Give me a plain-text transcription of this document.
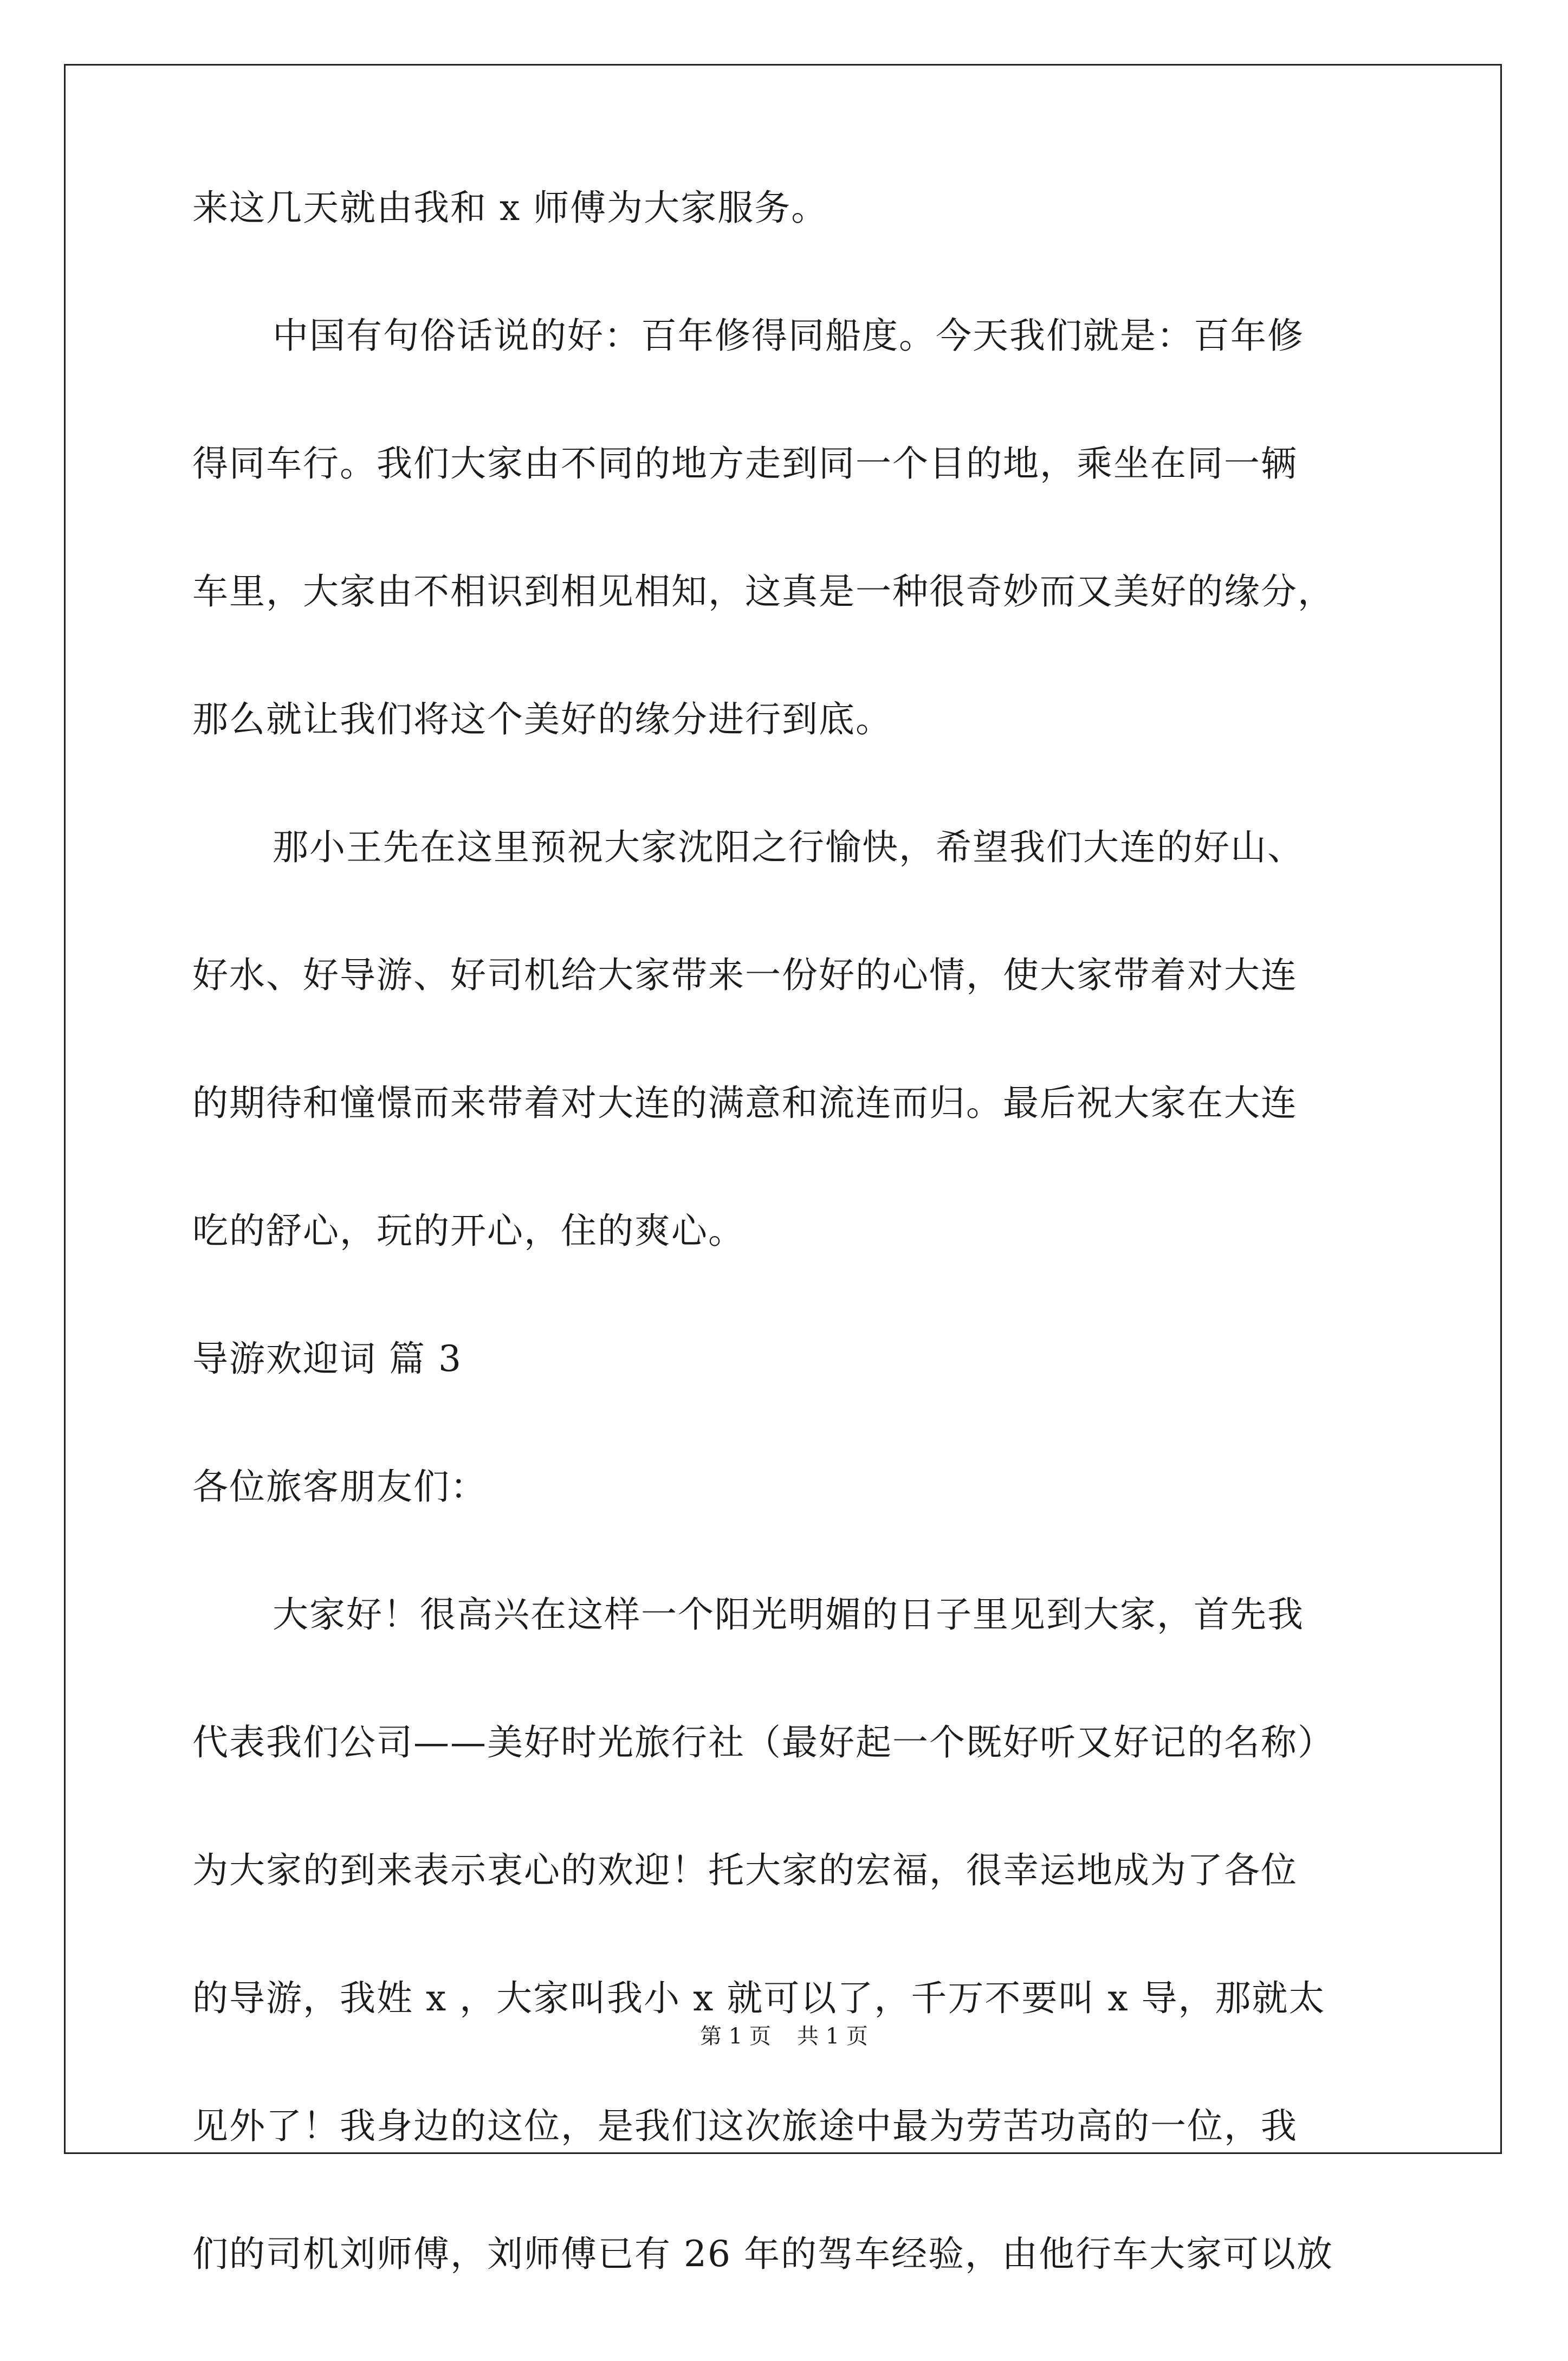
来这几天就由我和 x 师傅为大家服务。
中国有句俗话说的好：百年修得同船度。今天我们就是：百年修
得同车行。我们大家由不同的地方走到同一个目的地，乘坐在同一辆
车里，大家由不相识到相见相知，这真是一种很奇妙而又美好的缘分，
那么就让我们将这个美好的缘分进行到底。
那小王先在这里预祝大家沈阳之行愉快，希望我们大连的好山、
好水、好导游、好司机给大家带来一份好的心情，使大家带着对大连
的期待和憧憬而来带着对大连的满意和流连而归。最后祝大家在大连
吃的舒心，玩的开心，住的爽心。
导游欢迎词 篇 3
各位旅客朋友们：
大家好！很高兴在这样一个阳光明媚的日子里见到大家，首先我
代表我们公司——美好时光旅行社（最好起一个既好听又好记的名称）
为大家的到来表示衷心的欢迎！托大家的宏福，很幸运地成为了各位
的导游，我姓 x ，大家叫我小 x 就可以了，千万不要叫 x 导，那就太
见外了！我身边的这位，是我们这次旅途中最为劳苦功高的一位，我
们的司机刘师傅，刘师傅已有 26 年的驾车经验，由他行车大家可以放
第 1 页 共 1 页
